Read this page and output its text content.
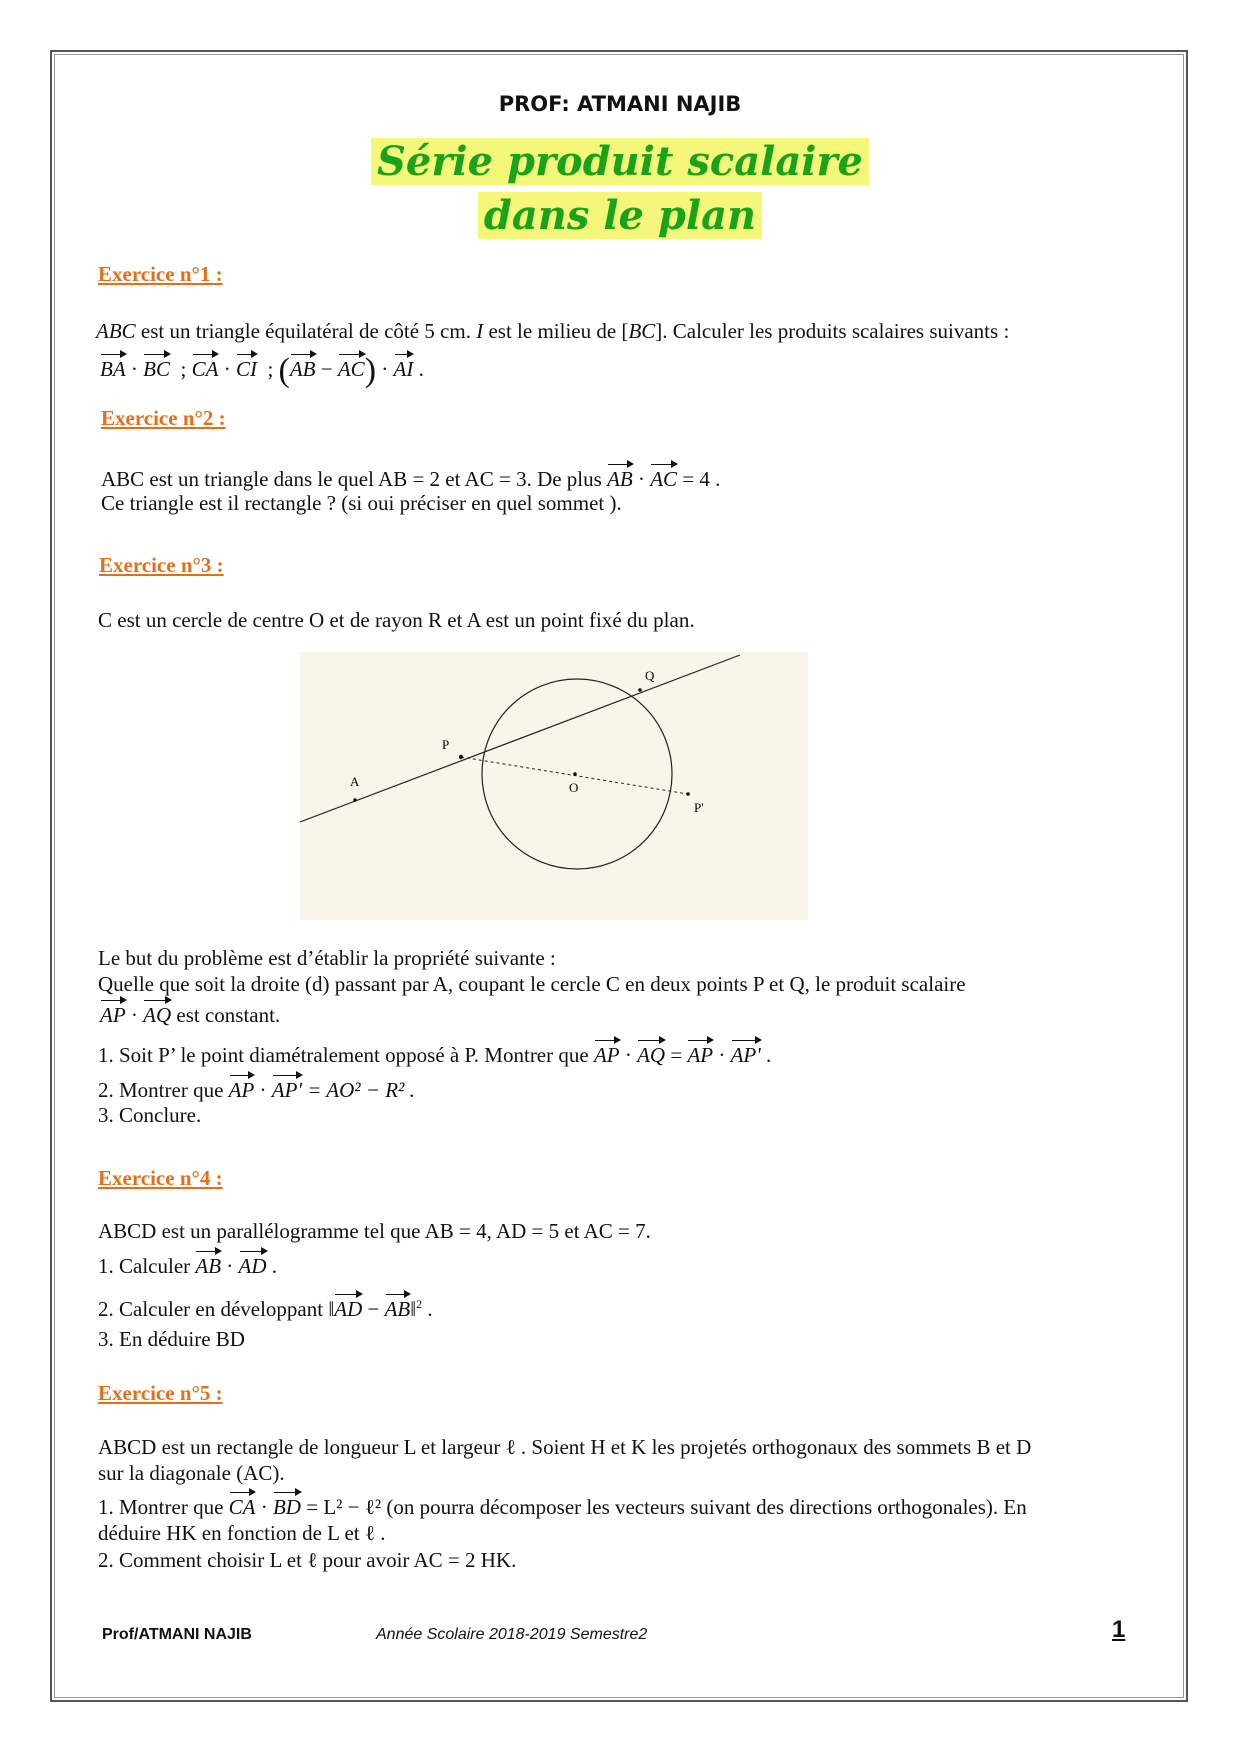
PROF: ATMANI NAJIB
Série produit scalaire
dans le plan
Exercice n°1 :
ABC est un triangle équilatéral de côté 5 cm. I est le milieu de [BC]. Calculer les produits scalaires suivants :
BA · BC  ; CA · CI  ; (AB − AC) · AI .
Exercice n°2 :
ABC est un triangle dans le quel AB = 2 et AC = 3. De plus AB · AC = 4 .
Ce triangle est il rectangle ? (si oui préciser en quel sommet ).
Exercice n°3 :
C est un cercle de centre O et de rayon R et A est un point fixé du plan.
P
Q
A	O
P'
Le but du problème est d’établir la propriété suivante :
Quelle que soit la droite (d) passant par A, coupant le cercle C en deux points P et Q, le produit scalaire
AP · AQ est constant.
1. Soit P’ le point diamétralement opposé à P. Montrer que AP · AQ = AP · AP' .
2. Montrer que AP · AP' = AO² − R² .
3. Conclure.
Exercice n°4 :
ABCD est un parallélogramme tel que AB = 4, AD = 5 et AC = 7.
1. Calculer AB · AD .
2. Calculer en développant ‖AD − AB‖$^2$ .
3. En déduire BD
Exercice n°5 :
ABCD est un rectangle de longueur L et largeur ℓ . Soient H et K les projetés orthogonaux des sommets B et D
sur la diagonale (AC).
1. Montrer que CA · BD = L² − ℓ² (on pourra décomposer les vecteurs suivant des directions orthogonales). En
déduire HK en fonction de L et ℓ .
2. Comment choisir L et ℓ pour avoir AC = 2 HK.
Prof/ATMANI NAJIB	Année Scolaire 2018-2019 Semestre2	1
